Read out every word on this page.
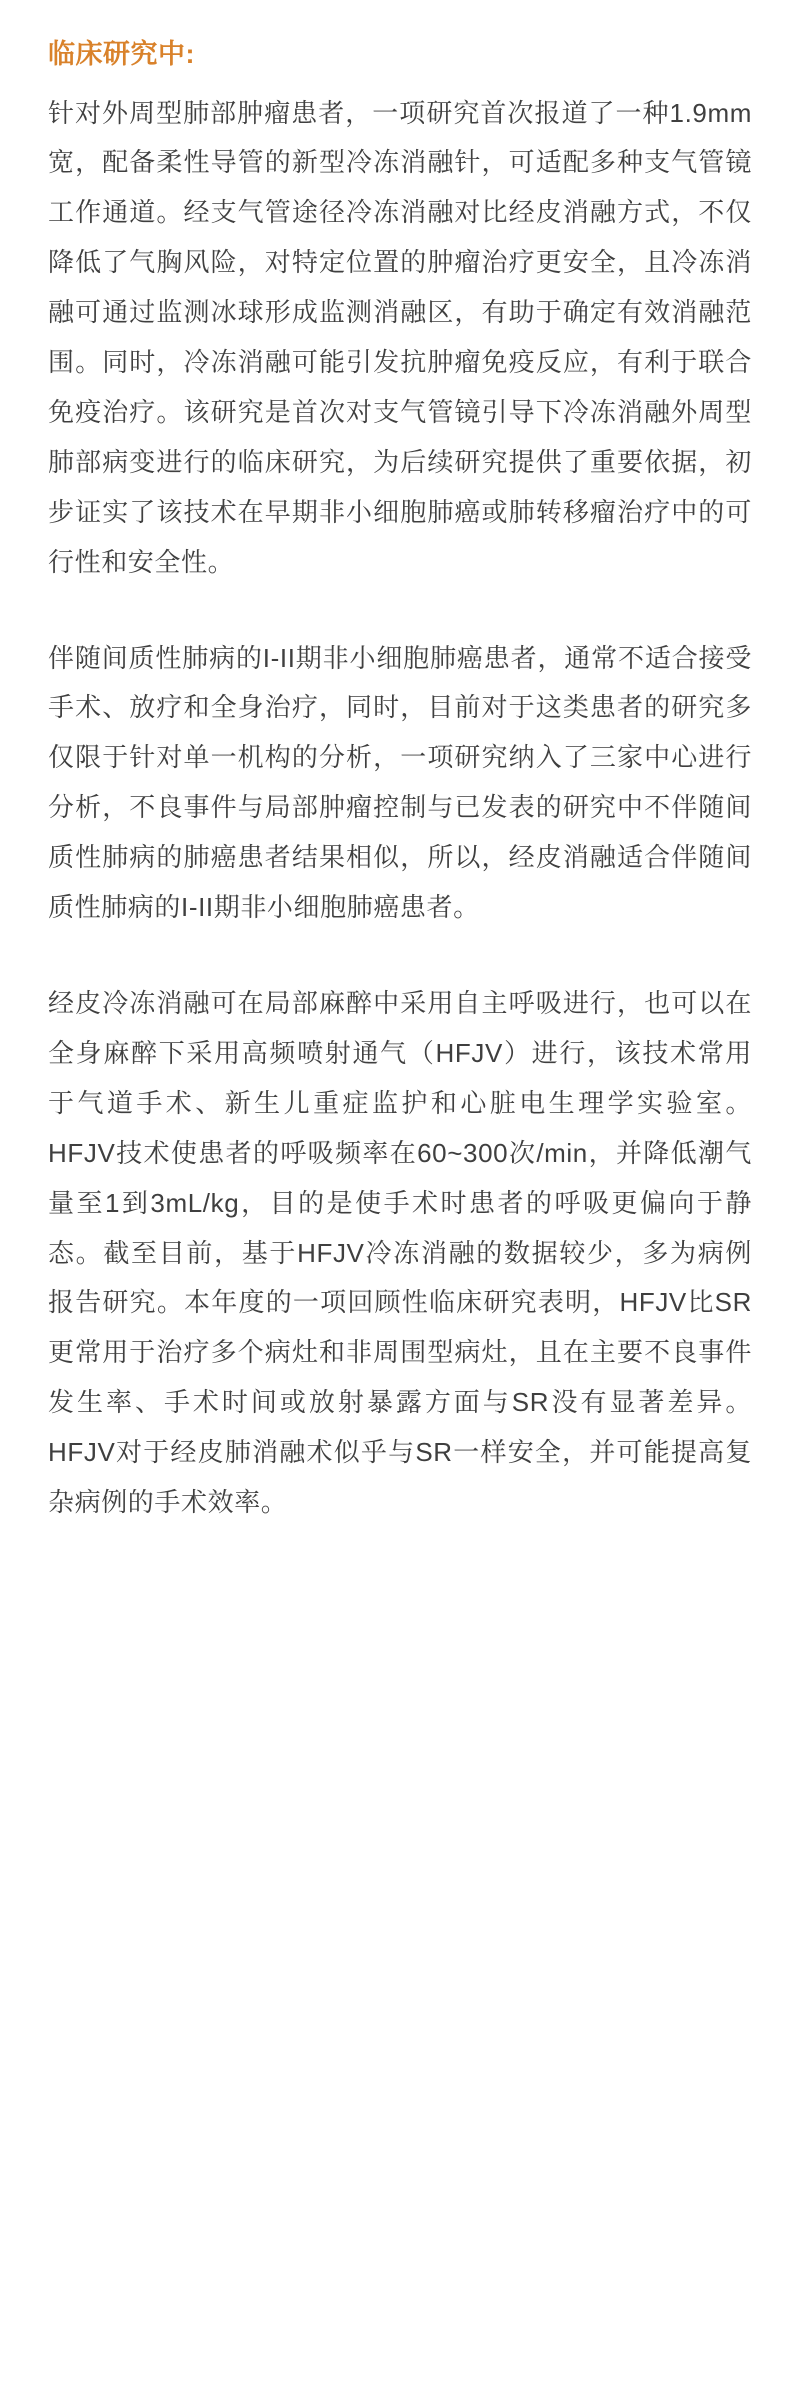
临床研究中:

针对外周型肺部肿瘤患者，一项研究首次报道了一种1.9mm宽，配备柔性导管的新型冷冻消融针，可适配多种支气管镜工作通道。经支气管途径冷冻消融对比经皮消融方式，不仅降低了气胸风险，对特定位置的肿瘤治疗更安全，且冷冻消融可通过监测冰球形成监测消融区，有助于确定有效消融范围。同时，冷冻消融可能引发抗肿瘤免疫反应，有利于联合免疫治疗。该研究是首次对支气管镜引导下冷冻消融外周型肺部病变进行的临床研究，为后续研究提供了重要依据，初步证实了该技术在早期非小细胞肺癌或肺转移瘤治疗中的可行性和安全性。

伴随间质性肺病的I-II期非小细胞肺癌患者，通常不适合接受手术、放疗和全身治疗，同时，目前对于这类患者的研究多仅限于针对单一机构的分析，一项研究纳入了三家中心进行分析，不良事件与局部肿瘤控制与已发表的研究中不伴随间质性肺病的肺癌患者结果相似，所以，经皮消融适合伴随间质性肺病的I-II期非小细胞肺癌患者。

经皮冷冻消融可在局部麻醉中采用自主呼吸进行，也可以在全身麻醉下采用高频喷射通气（HFJV）进行，该技术常用于气道手术、新生儿重症监护和心脏电生理学实验室。HFJV技术使患者的呼吸频率在60~300次/min，并降低潮气量至1到3mL/kg，目的是使手术时患者的呼吸更偏向于静态。截至目前，基于HFJV冷冻消融的数据较少，多为病例报告研究。本年度的一项回顾性临床研究表明，HFJV比SR更常用于治疗多个病灶和非周围型病灶，且在主要不良事件发生率、手术时间或放射暴露方面与SR没有显著差异。HFJV对于经皮肺消融术似乎与SR一样安全，并可能提高复杂病例的手术效率。
